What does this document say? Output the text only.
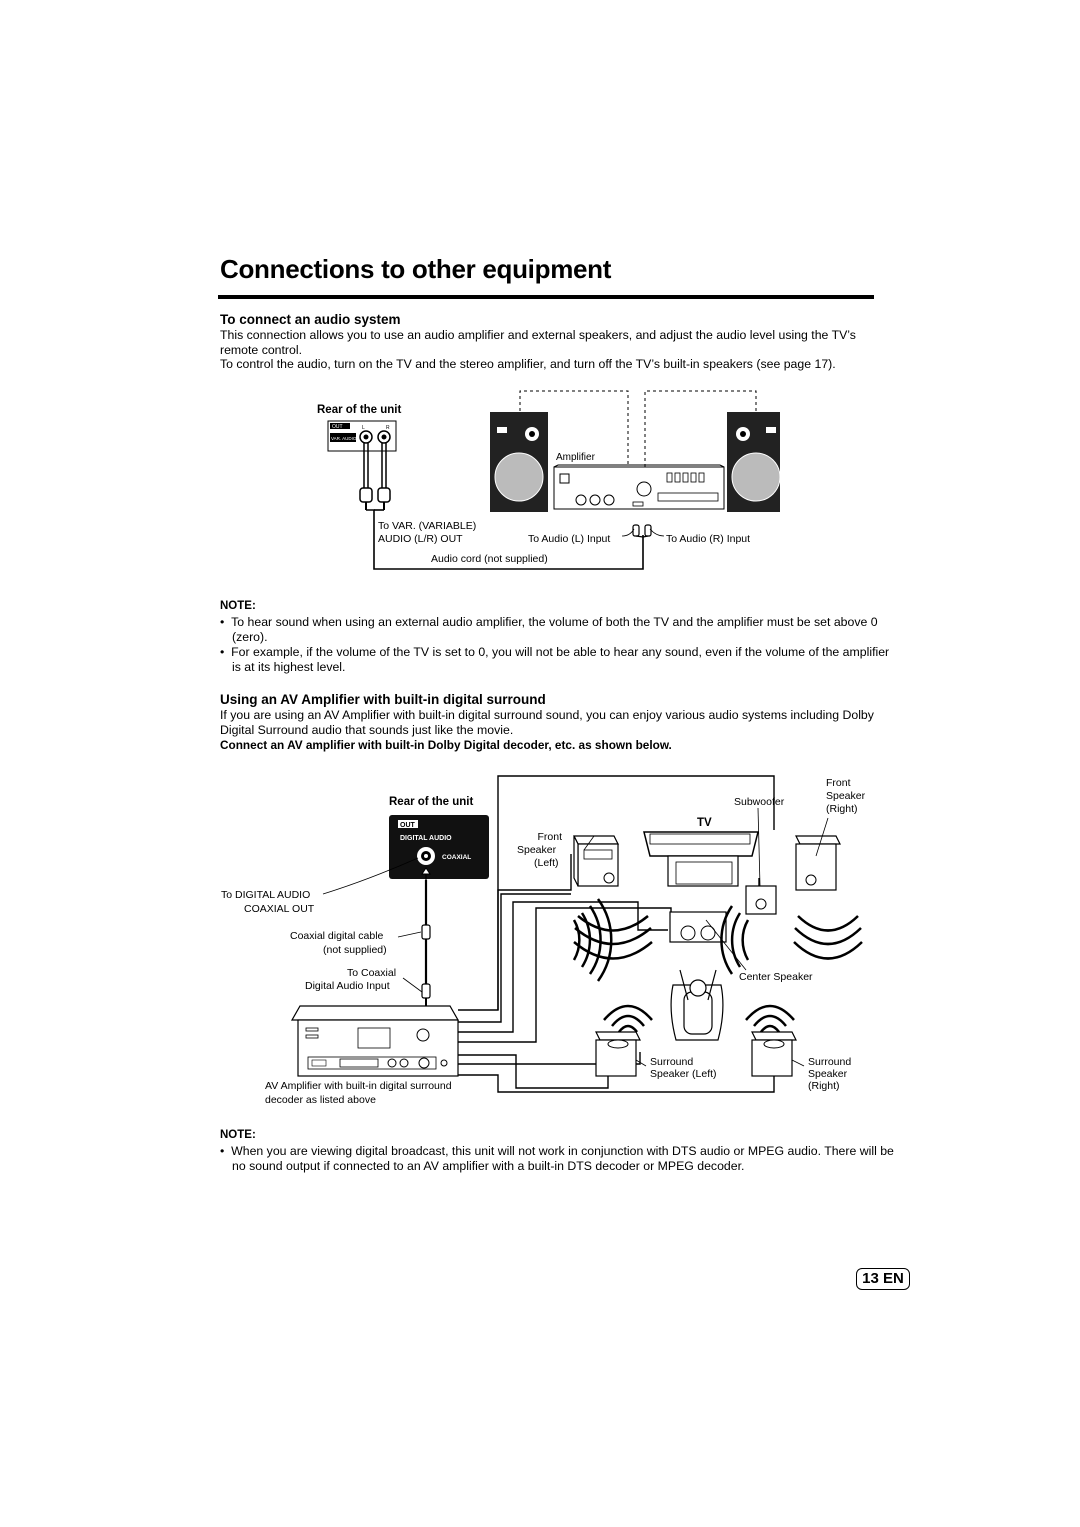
Connections to other equipment
To connect an audio system
This connection allows you to use an audio amplifier and external speakers, and adjust the audio level using the TV’s remote control.
To control the audio, turn on the TV and the stereo amplifier, and turn off the TV’s built-in speakers (see page 17).
OUT
VAR. AUDIO
L	R
Amplifier
Rear of the unit
To VAR. (VARIABLE)
AUDIO (L/R) OUT	To Audio (L) Input	To Audio (R) Input
Audio cord (not supplied)
NOTE:
•  To hear sound when using an external audio amplifier, the volume of both the TV and the amplifier must be set above 0 (zero).
•  For example, if the volume of the TV is set to 0, you will not be able to hear any sound, even if the volume of the amplifier is at its highest level.
Using an AV Amplifier with built-in digital surround
If you are using an AV Amplifier with built-in digital surround sound, you can enjoy various audio systems including Dolby Digital Surround audio that sounds just like the movie.
Connect an AV amplifier with built-in Dolby Digital decoder, etc. as shown below.
OUT
DIGITAL AUDIO
COAXIAL
Rear of the unit
To DIGITAL AUDIO
COAXIAL OUT
Coaxial digital cable
(not supplied)
To Coaxial
Digital Audio Input
AV Amplifier with built-in digital surround
decoder as listed above
Subwoofer
TV
Front
Speaker
(Left)
Front
Speaker
(Right)
Center Speaker
Surround
Speaker (Left)
Surround
Speaker
(Right)
NOTE:
•  When you are viewing digital broadcast, this unit will not work in conjunction with DTS audio or MPEG audio. There will be no sound output if connected to an AV amplifier with a built-in DTS decoder or MPEG decoder.
13 EN
